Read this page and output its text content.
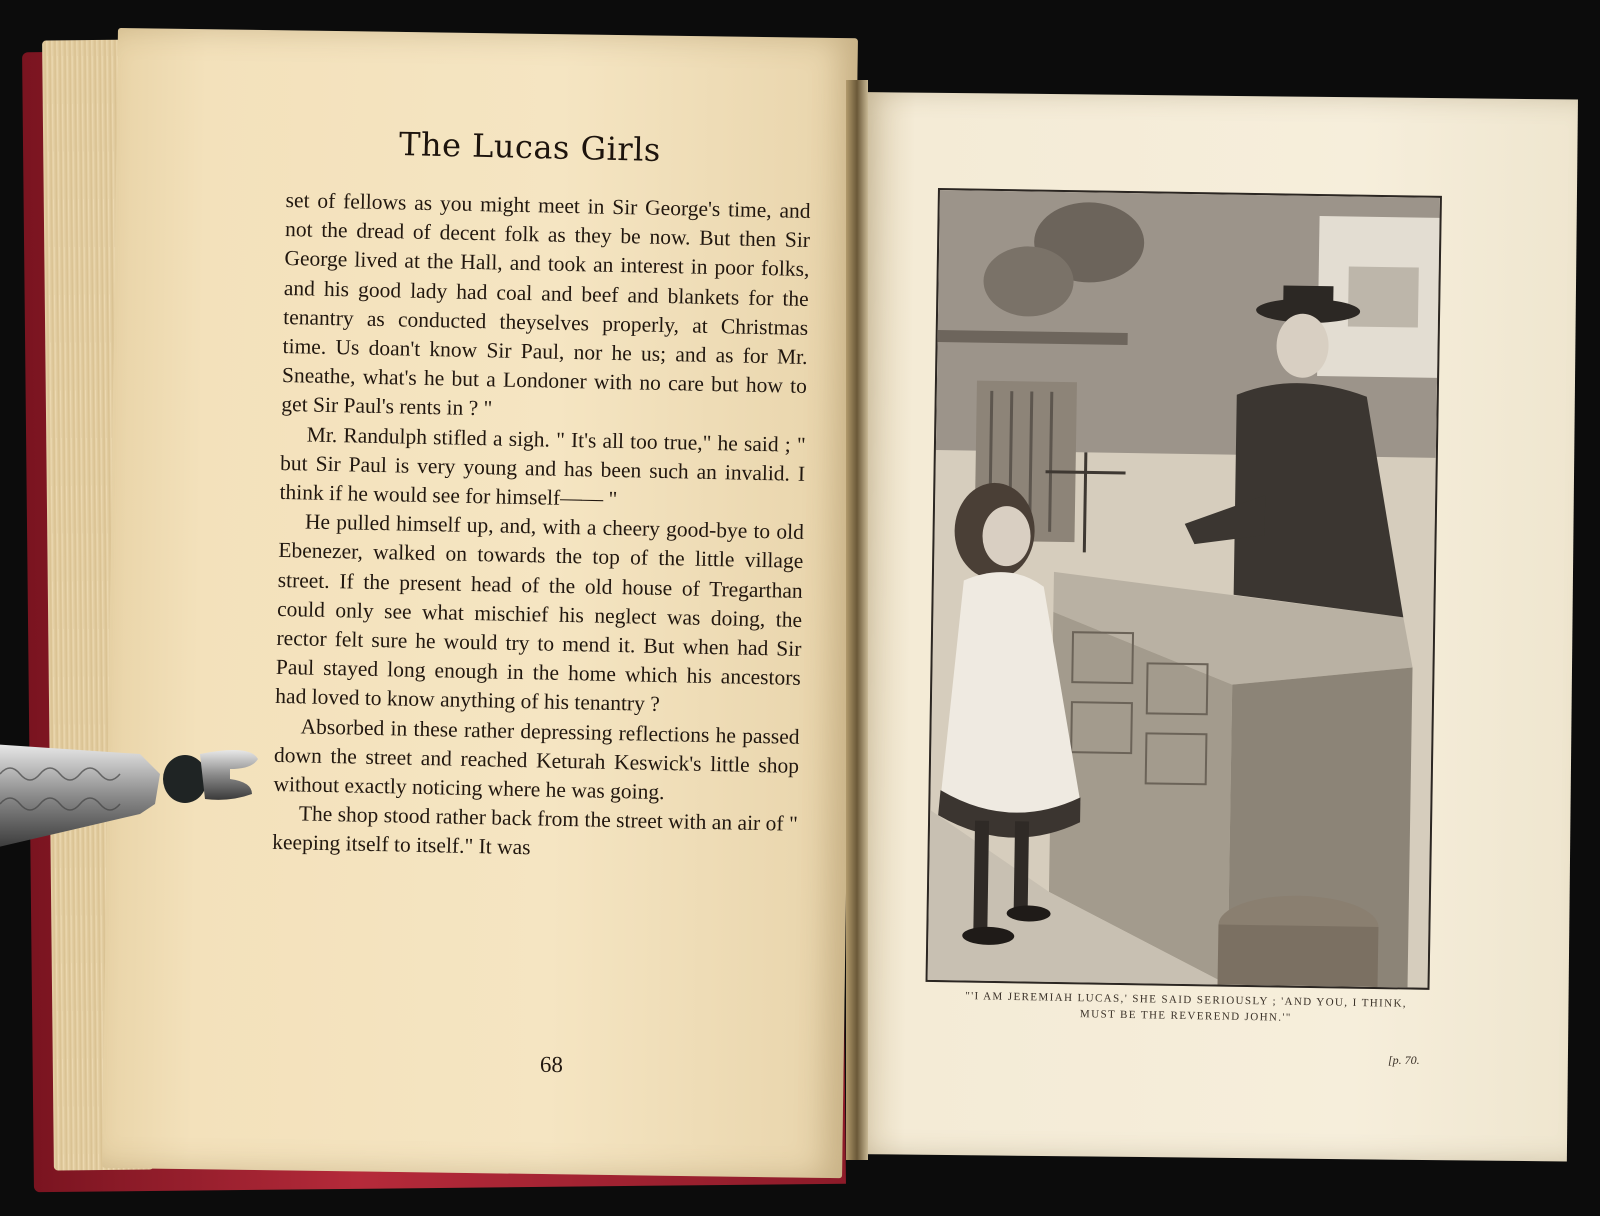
The Lucas Girls

set of fellows as you might meet in Sir George's time, and not the dread of decent folk as they be now. But then Sir George lived at the Hall, and took an interest in poor folks, and his good lady had coal and beef and blankets for the tenantry as conducted theyselves properly, at Christmas time. Us doan't know Sir Paul, nor he us; and as for Mr. Sneathe, what's he but a Londoner with no care but how to get Sir Paul's rents in ? "

Mr. Randulph stifled a sigh. " It's all too true," he said ; " but Sir Paul is very young and has been such an invalid. I think if he would see for himself—— "

He pulled himself up, and, with a cheery good-bye to old Ebenezer, walked on towards the top of the little village street. If the present head of the old house of Tregarthan could only see what mischief his neglect was doing, the rector felt sure he would try to mend it. But when had Sir Paul stayed long enough in the home which his ancestors had loved to know anything of his tenantry ?

Absorbed in these rather depressing reflections he passed down the street and reached Keturah Keswick's little shop without exactly noticing where he was going.

The shop stood rather back from the street with an air of " keeping itself to itself." It was

68
"'I AM JEREMIAH LUCAS,' SHE SAID SERIOUSLY ; 'AND YOU, I THINK,
MUST BE THE REVEREND JOHN.'"
[p. 70.
